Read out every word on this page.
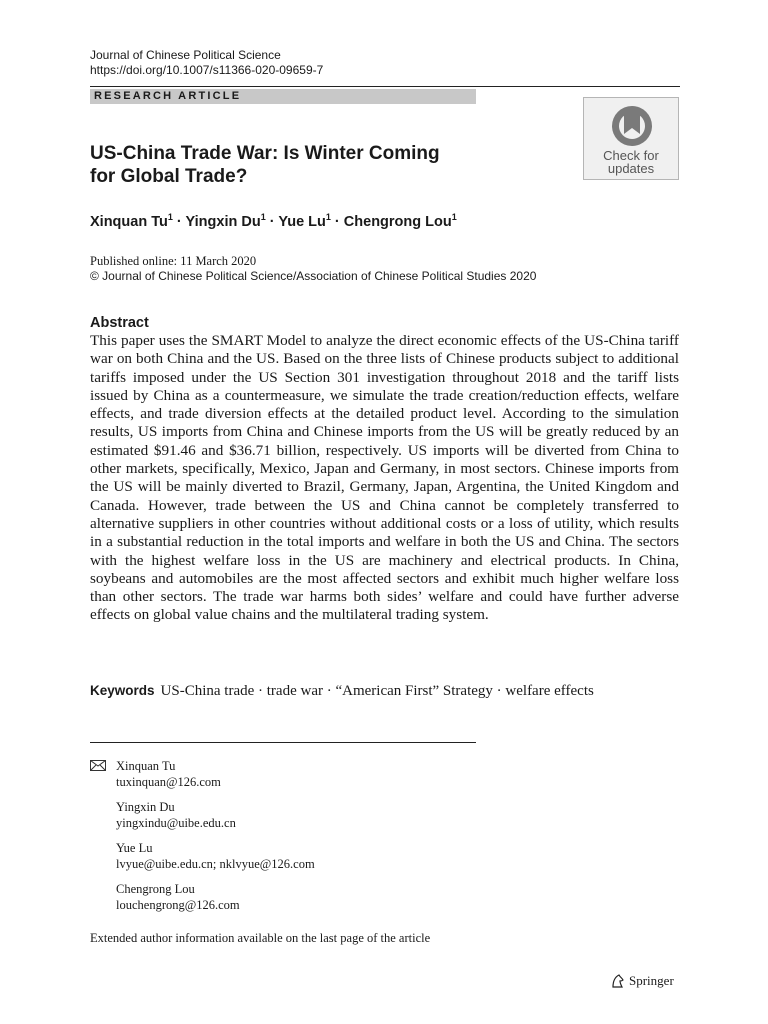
Journal of Chinese Political Science
https://doi.org/10.1007/s11366-020-09659-7
RESEARCH ARTICLE
Check for
updates
US-China Trade War: Is Winter Coming
for Global Trade?
Xinquan $Tu^1$ · Yingxin $Du^1$ · Yue $Lu^1$ · Chengrong Lou$^1$
Published online: 11 March 2020
© Journal of Chinese Political Science/Association of Chinese Political Studies 2020
Abstract
This paper uses the SMART Model to analyze the direct economic effects of the US-China tariff war on both China and the US. Based on the three lists of Chinese products subject to additional tariffs imposed under the US Section 301 investigation throughout 2018 and the tariff lists issued by China as a countermeasure, we simulate the trade creation/reduction effects, welfare effects, and trade diversion effects at the detailed product level. According to the simulation results, US imports from China and Chinese imports from the US will be greatly reduced by an estimated $91.46 and $36.71 billion, respectively. US imports will be diverted from China to other markets, specifically, Mexico, Japan and Germany, in most sectors. Chinese imports from the US will be mainly diverted to Brazil, Germany, Japan, Argentina, the United Kingdom and Canada. However, trade between the US and China cannot be completely transferred to alternative suppliers in other countries without additional costs or a loss of utility, which results in a substantial reduction in the total imports and welfare in both the US and China. The sectors with the highest welfare loss in the US are machinery and electrical products. In China, soybeans and automobiles are the most affected sectors and exhibit much higher welfare loss than other sectors. The trade war harms both sides’ welfare and could have further adverse effects on global value chains and the multilateral trading system.
Keywords US-China trade · trade war · “American First” Strategy · welfare effects
Xinquan Tu
tuxinquan@126.com
Yingxin Du
yingxindu@uibe.edu.cn
Yue Lu
lvyue@uibe.edu.cn; nklvyue@126.com
Chengrong Lou
louchengrong@126.com
Extended author information available on the last page of the article
Springer
